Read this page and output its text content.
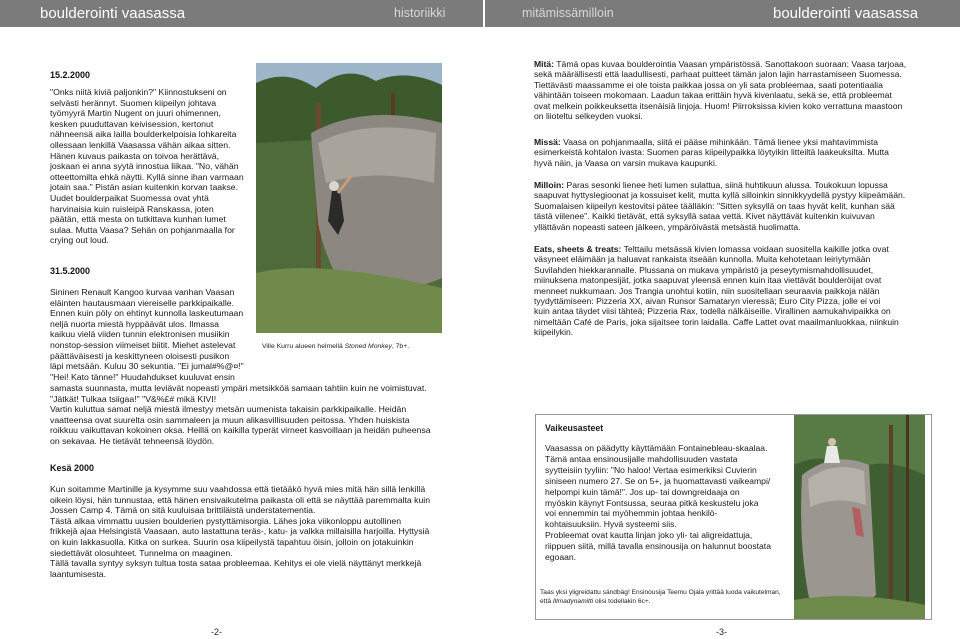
boulderointi vaasassa	historiikki	mitämissämilloin	boulderointi vaasassa
15.2.2000
"Onks niitä kiviä paljonkin?" Kiinnostukseni on
selvästi herännyt. Suomen kiipeilyn johtava
työmyyrä Martin Nugent on juuri ohimennen,
kesken puuduttavan keivisession, kertonut
nähneensä aika lailla boulderkelpoisia lohkareita
ollessaan lenkillä Vaasassa vähän aikaa sitten.
Hänen kuvaus paikasta on toivoa herättävä,
joskaan ei anna syytä innostua liikaa. "No, vähän
otteettomilta ehkä näytti. Kyllä sinne ihan varmaan
jotain saa." Pistän asian kuitenkin korvan taakse.
Uudet boulderpaikat Suomessa ovat yhtä
harvinaisia kuin ruisleipä Ranskassa, joten
päätän, että mesta on tutkittava kunhan lumet
sulaa. Mutta Vaasa? Sehän on pohjanmaalla for
crying out loud.
31.5.2000
Sininen Renault Kangoo kurvaa vanhan Vaasan
eläinten hautausmaan viereiselle parkkipaikalle.
Ennen kuin pöly on ehtinyt kunnolla laskeutumaan
neljä nuorta miestä hyppäävät ulos. Ilmassa
kaikuu vielä viiden tunnin elektronisen musiikin
nonstop-session viimeiset biitit. Miehet astelevat
päättäväisesti ja keskittyneen oloisesti pusikon
läpi metsään. Kuluu 30 sekuntia. "Ei jumal#%@¤!"
"Hei! Kato tänne!" Huudahdukset kuuluvat ensin
samasta suunnasta, mutta leviävät nopeasti ympäri metsikköä samaan tahtiin kuin ne voimistuvat.
"Jätkät! Tulkaa tsiigaa!" "V&%£# mikä KIVI!
Vartin kuluttua samat neljä miestä ilmestyy metsän uumenista takaisin parkkipaikalle. Heidän
vaatteensa ovat suurelta osin sammaleen ja muun alikasvillisuuden peitossa. Yhden huiskista
roikkuu vaikuttavan kokoinen oksa. Heillä on kaikilla typerät virneet kasvoillaan ja heidän puheensa
on sekavaa. He tietävät tehneensä löydön.
Kesä 2000
Kun soitamme Martinille ja kysymme suu vaahdossa että tietääkö hyvä mies mitä hän sillä lenkillä
oikein löysi, hän tunnustaa, että hänen ensivaikutelma paikasta oli että se näyttää paremmalta kuin
Jossen Camp 4. Tämä on sitä kuuluisaa brittiläistä understatementia.
Tästä alkaa vimmattu uusien boulderien pystyttämisorgia. Lähes joka viikonloppu autollinen
frikkejä ajaa Helsingistä Vaasaan, auto lastattuna teräs-, katu- ja valkka millaisilla harjoilla. Hyttysiä
on kuin lakkasuolla. Kitka on surkea. Suurin osa kiipeilystä tapahtuu öisin, jolloin on jotakuinkin
siedettävät olosuhteet. Tunnelma on maaginen.
Tällä tavalla syntyy syksyn tultua tosta sataa probleemaa. Kehitys ei ole vielä näyttänyt merkkejä
laantumisesta.
Ville Kurru alueen helmellä Stoned Monkey, 7b+.
-2-
Mitä: Tämä opas kuvaa boulderointia Vaasan ympäristössä. Sanottakoon suoraan: Vaasa tarjoaa,
sekä määrällisesti että laadullisesti, parhaat puitteet tämän jalon lajin harrastamiseen Suomessa.
Tiettävästi maassamme ei ole toista paikkaa jossa on yli sata probleemaa, saati potentiaalia
vähintään toiseen mokomaan. Laadun takaa erittäin hyvä kivenlaatu, sekä se, että probleemat
ovat melkein poikkeuksetta itsenäisiä linjoja. Huom! Piirroksissa kivien koko verrattuna maastoon
on liioteltu selkeyden vuoksi.
Missä: Vaasa on pohjanmaalla, siitä ei pääse mihinkään. Tämä lienee yksi mahtavimmista
esimerkeistä kohtalon ivasta: Suomen paras kiipeilypaikka löytyikin litteiltä laakeuksilta. Mutta
hyvä näin, ja Vaasa on varsin mukava kaupunki.
Milloin: Paras sesonki lienee heti lumen sulattua, siinä huhtikuun alussa. Toukokuun lopussa
saapuvat hyttyslegioonat ja kossuiset kelit, mutta kyllä silloinkin sinnikkyydellä pystyy kiipeämään.
Suomalaisen kiipeilyn kestovitsi pätee täälläkin: "Sitten syksyllä on taas hyvät kelit, kunhan sää
tästä viilenee". Kaikki tietävät, että syksyllä sataa vettä. Kivet näyttävät kuitenkin kuivuvan
yllättävän nopeasti sateen jälkeen, ympäröivästä metsästä huolimatta.
Eats, sheets & treats: Telttailu metsässä kivien lomassa voidaan suositella kaikille jotka ovat
väsyneet eläimään ja haluavat rankaista itseään kunnolla. Muita kehotetaan leiriytymään
Suvilahden hiekkarannalle. Plussana on mukava ympäristö ja peseytymismahdollisuudet,
miinuksena matonpesijät, jotka saapuvat yleensä ennen kuin itaa viettävät boulderöijat ovat
menneet nukkumaan. Jos Trangia unohtui kotiin, niin suositellaan seuraavia paikkoja nälän
tyydyttämiseen: Pizzeria XX, aivan Runsor Samataryn vieressä; Euro City Pizza, jolle ei voi
kuin antaa täydet viisi tähteä; Pizzeria Rax, todella nälkäiseille. Virallinen aamukahvipaikka on
nimeltään Café de Paris, joka sijaitsee torin laidalla. Caffe Lattet ovat maailmanluokkaa, niinkuin
kiipeilykin.
Vaikeusasteet
Vaasassa on päädytty käyttämään Fontainebleau-skaalaa.
Tämä antaa ensinousijalle mahdollisuuden vastata
syytteisiin tyyliin: "No haloo! Vertaa esimerkiksi Cuvierin
siniseen numero 27. Se on 5+, ja huomattavasti vaikeampi/
helpompi kuin tämä!". Jos up- tai downgreidaaja on
myöskin käynyt Fontsussa, seuraa pitkä keskustelu joka
voi ennemmin tai myöhemmin johtaa henkilö-
kohtaisuuksiin. Hyvä systeemi siis.
Probleemat ovat kautta linjan joko yli- tai aligreidattuja,
riippuen siitä, millä tavalla ensinousija on halunnut boostata
egoaan.
Taas yksi yligreidattu sändbäg! Ensinousija Teemu Ojala yrittää luoda vaikutelman,
että Illmadynamitti olisi todellakin 6c+.
-3-
